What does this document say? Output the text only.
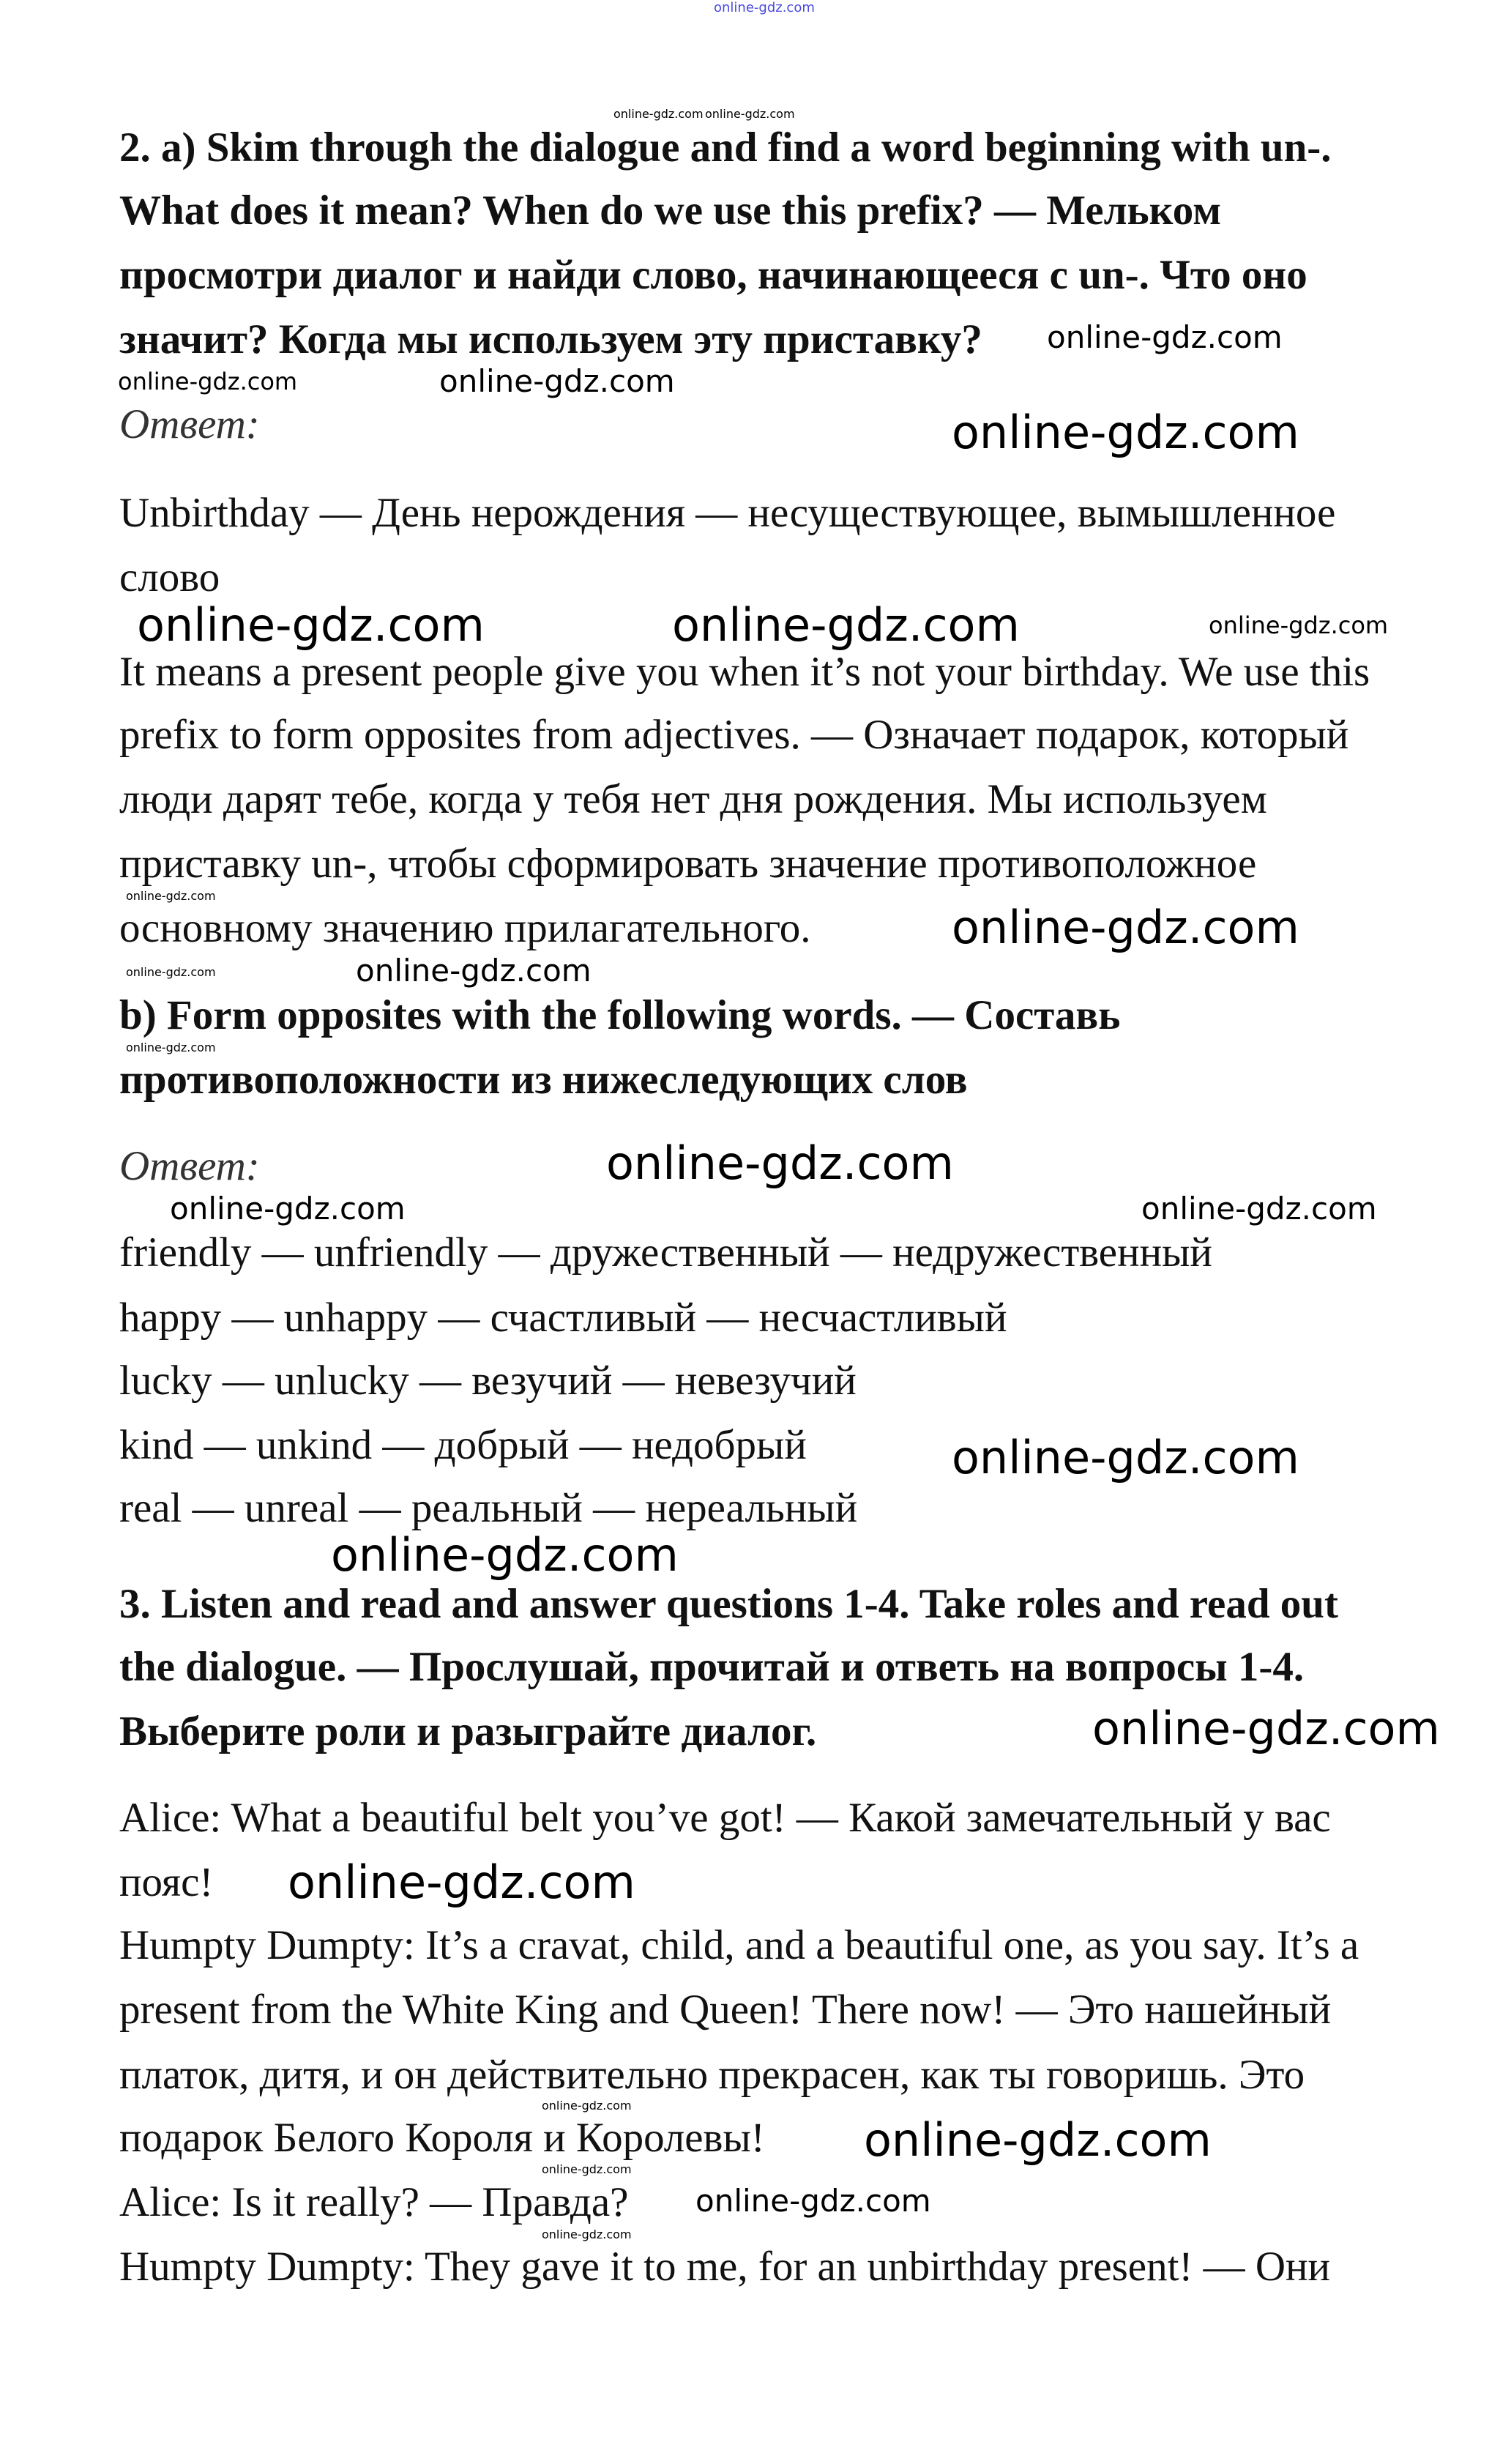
online-gdz.com
2. a) Skim through the dialogue and find a word beginning with un-.
What does it mean? When do we use this prefix? — Мельком
просмотри диалог и найди слово, начинающееся с un-. Что оно
значит? Когда мы используем эту приставку?
Ответ:
Unbirthday — День нерождения — несуществующее, вымышленное
слово
It means a present people give you when it’s not your birthday. We use this
prefix to form opposites from adjectives. — Означает подарок, который
люди дарят тебе, когда у тебя нет дня рождения. Мы используем
приставку un-, чтобы сформировать значение противоположное
основному значению прилагательного.
b) Form opposites with the following words. — Составь
противоположности из нижеследующих слов
Ответ:
friendly — unfriendly — дружественный — недружественный
happy — unhappy — счастливый — несчастливый
lucky — unlucky — везучий — невезучий
kind — unkind — добрый — недобрый
real — unreal — реальный — нереальный
3. Listen and read and answer questions 1-4. Take roles and read out
the dialogue. — Прослушай, прочитай и ответь на вопросы 1-4.
Выберите роли и разыграйте диалог.
Alice: What a beautiful belt you’ve got! — Какой замечательный у вас
пояс!
Humpty Dumpty: It’s a cravat, child, and a beautiful one, as you say. It’s a
present from the White King and Queen! There now! — Это нашейный
платок, дитя, и он действительно прекрасен, как ты говоришь. Это
подарок Белого Короля и Королевы!
Alice: Is it really? — Правда?
Humpty Dumpty: They gave it to me, for an unbirthday present! — Они
online-gdz.com online-gdz.com
online-gdz.com
online-gdz.com
online-gdz.com
online-gdz.com
online-gdz.com	online-gdz.com	online-gdz.com
online-gdz.com
online-gdz.com
online-gdz.com
online-gdz.com
online-gdz.com
online-gdz.com
online-gdz.com
online-gdz.com
online-gdz.com
online-gdz.com
online-gdz.com
online-gdz.com
online-gdz.com
online-gdz.com
online-gdz.com
online-gdz.com
online-gdz.com
